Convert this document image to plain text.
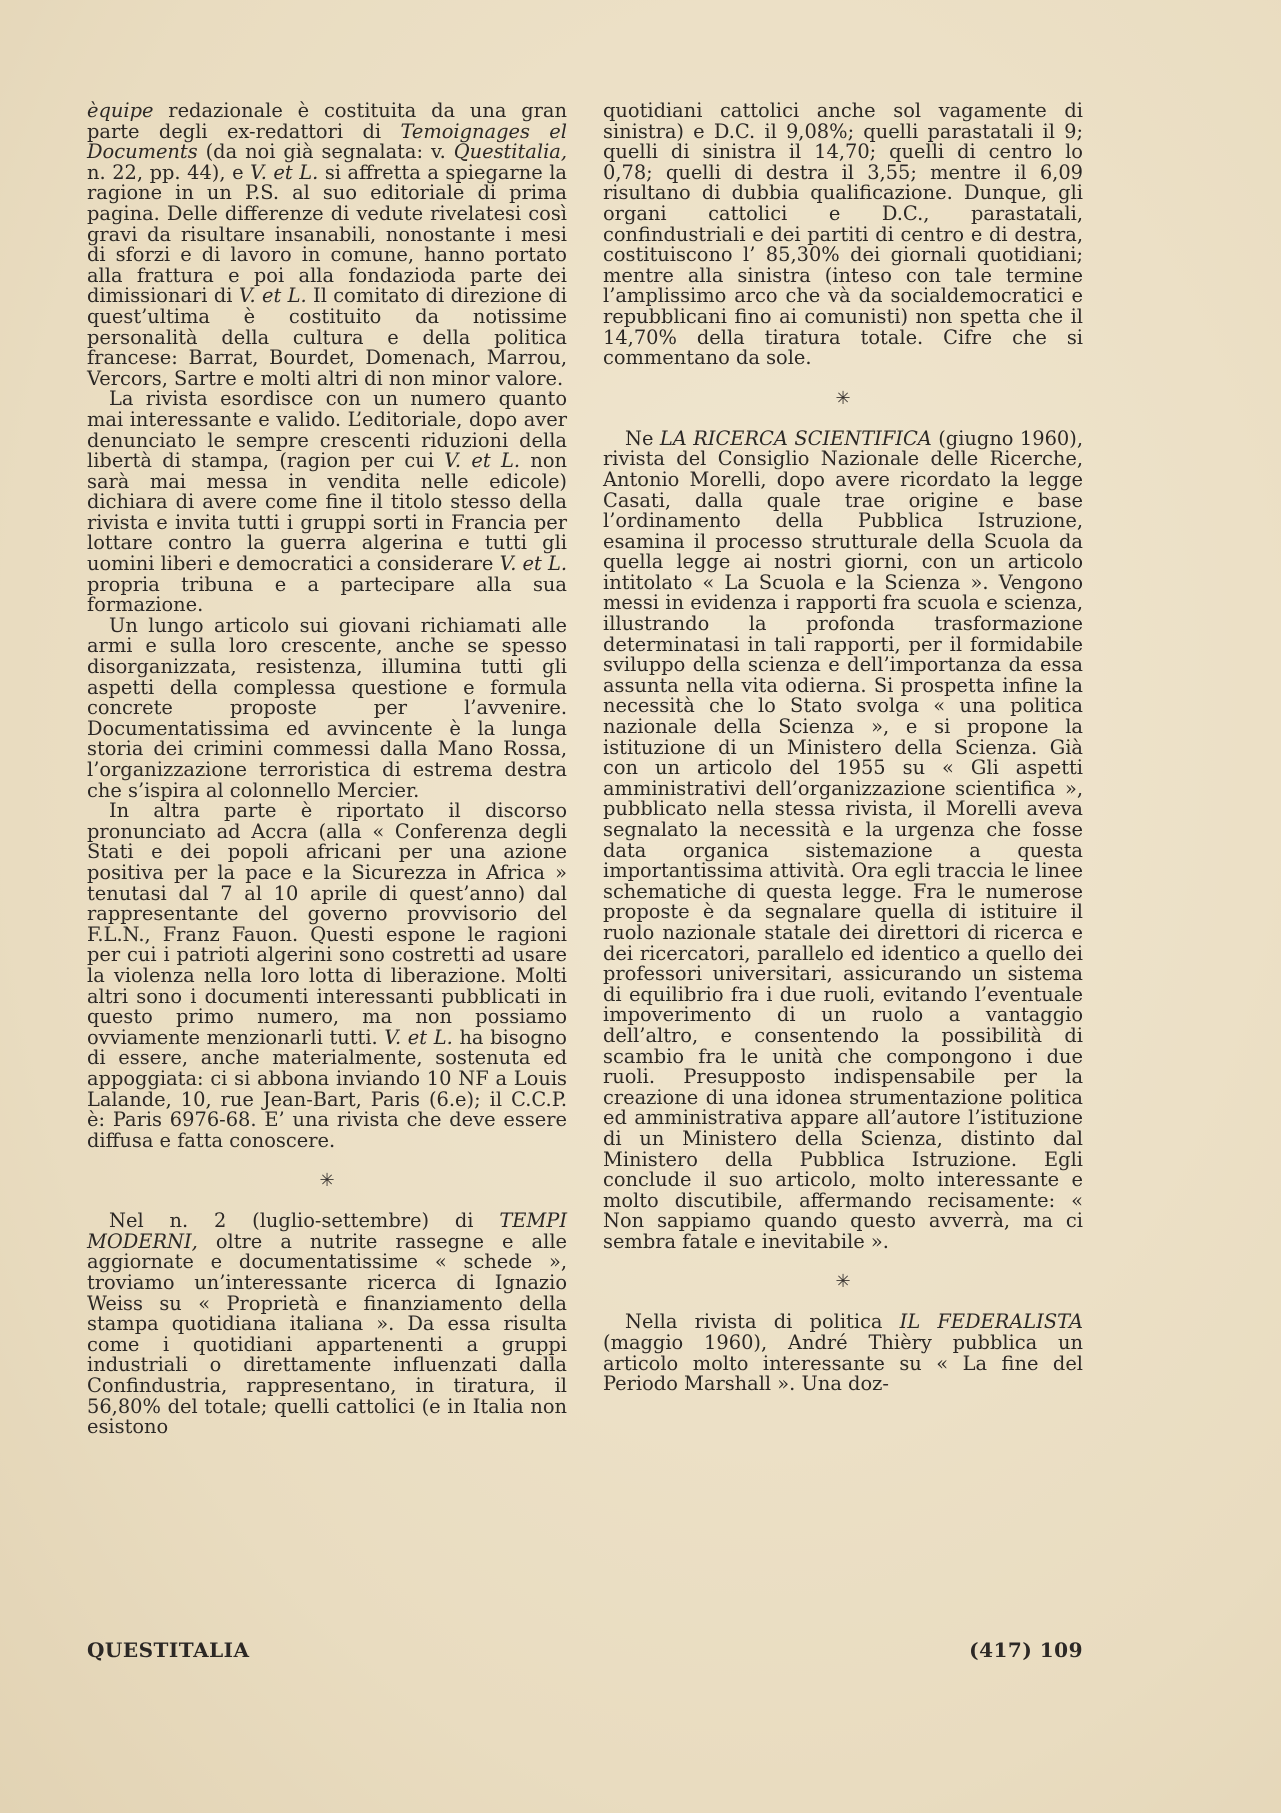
èquipe redazionale è costituita da una gran parte degli ex-redattori di Temoignages el Documents (da noi già segnalata: v. Questitalia, n. 22, pp. 44), e V. et L. si affretta a spiegarne la ragione in un P.S. al suo editoriale di prima pagina. Delle differenze di vedute rivelatesi così gravi da risultare insanabili, nonostante i mesi di sforzi e di lavoro in comune, hanno portato alla frattura e poi alla fondazioda parte dei dimissionari di V. et L. Il comitato di direzione di quest’ultima è costituito da notissime personalità della cultura e della politica francese: Barrat, Bourdet, Domenach, Marrou, Vercors, Sartre e molti altri di non minor valore.

La rivista esordisce con un numero quanto mai interessante e valido. L’editoriale, dopo aver denunciato le sempre crescenti riduzioni della libertà di stampa, (ragion per cui V. et L. non sarà mai messa in vendita nelle edicole) dichiara di avere come fine il titolo stesso della rivista e invita tutti i gruppi sorti in Francia per lottare contro la guerra algerina e tutti gli uomini liberi e democratici a considerare V. et L. propria tribuna e a partecipare alla sua formazione.

Un lungo articolo sui giovani richiamati alle armi e sulla loro crescente, anche se spesso disorganizzata, resistenza, illumina tutti gli aspetti della complessa questione e formula concrete proposte per l’avvenire. Documentatissima ed avvincente è la lunga storia dei crimini commessi dalla Mano Rossa, l’organizzazione terroristica di estrema destra che s’ispira al colonnello Mercier.

In altra parte è riportato il discorso pronunciato ad Accra (alla « Conferenza degli Stati e dei popoli africani per una azione positiva per la pace e la Sicurezza in Africa » tenutasi dal 7 al 10 aprile di quest’anno) dal rappresentante del governo provvisorio del F.L.N., Franz Fauon. Questi espone le ragioni per cui i patrioti algerini sono costretti ad usare la violenza nella loro lotta di liberazione. Molti altri sono i documenti interessanti pubblicati in questo primo numero, ma non possiamo ovviamente menzionarli tutti. V. et L. ha bisogno di essere, anche materialmente, sostenuta ed appoggiata: ci si abbona inviando 10 NF a Louis Lalande, 10, rue Jean-Bart, Paris (6.e); il C.C.P. è: Paris 6976-68. E’ una rivista che deve essere diffusa e fatta conoscere.

✳

Nel n. 2 (luglio-settembre) di TEMPI MODERNI, oltre a nutrite rassegne e alle aggiornate e documentatissime « schede », troviamo un’interessante ricerca di Ignazio Weiss su « Proprietà e finanziamento della stampa quotidiana italiana ». Da essa risulta come i quotidiani appartenenti a gruppi industriali o direttamente influenzati dalla Confindustria, rappresentano, in tiratura, il 56,80% del totale; quelli cattolici (e in Italia non esistono

quotidiani cattolici anche sol vagamente di sinistra) e D.C. il 9,08%; quelli parastatali il 9; quelli di sinistra il 14,70; quelli di centro lo 0,78; quelli di destra il 3,55; mentre il 6,09 risultano di dubbia qualificazione. Dunque, gli organi cattolici e D.C., parastatali, confindustriali e dei partiti di centro e di destra, costituiscono l’ 85,30% dei giornali quotidiani; mentre alla sinistra (inteso con tale termine l’amplissimo arco che và da socialdemocratici e repubblicani fino ai comunisti) non spetta che il 14,70% della tiratura totale. Cifre che si commentano da sole.

✳

Ne LA RICERCA SCIENTIFICA (giugno 1960), rivista del Consiglio Nazionale delle Ricerche, Antonio Morelli, dopo avere ricordato la legge Casati, dalla quale trae origine e base l’ordinamento della Pubblica Istruzione, esamina il processo strutturale della Scuola da quella legge ai nostri giorni, con un articolo intitolato « La Scuola e la Scienza ». Vengono messi in evidenza i rapporti fra scuola e scienza, illustrando la profonda trasformazione determinatasi in tali rapporti, per il formidabile sviluppo della scienza e dell’importanza da essa assunta nella vita odierna. Si prospetta infine la necessità che lo Stato svolga « una politica nazionale della Scienza », e si propone la istituzione di un Ministero della Scienza. Già con un articolo del 1955 su « Gli aspetti amministrativi dell’organizzazione scientifica », pubblicato nella stessa rivista, il Morelli aveva segnalato la necessità e la urgenza che fosse data organica sistemazione a questa importantissima attività. Ora egli traccia le linee schematiche di questa legge. Fra le numerose proposte è da segnalare quella di istituire il ruolo nazionale statale dei direttori di ricerca e dei ricercatori, parallelo ed identico a quello dei professori universitari, assicurando un sistema di equilibrio fra i due ruoli, evitando l’eventuale impoverimento di un ruolo a vantaggio dell’altro, e consentendo la possibilità di scambio fra le unità che compongono i due ruoli. Presupposto indispensabile per la creazione di una idonea strumentazione politica ed amministrativa appare all’autore l’istituzione di un Ministero della Scienza, distinto dal Ministero della Pubblica Istruzione. Egli conclude il suo articolo, molto interessante e molto discutibile, affermando recisamente: « Non sappiamo quando questo avverrà, ma ci sembra fatale e inevitabile ».

✳

Nella rivista di politica IL FEDERALISTA (maggio 1960), André Thièry pubblica un articolo molto interessante su « La fine del Periodo Marshall ». Una doz-

QUESTITALIA	(417) 109
